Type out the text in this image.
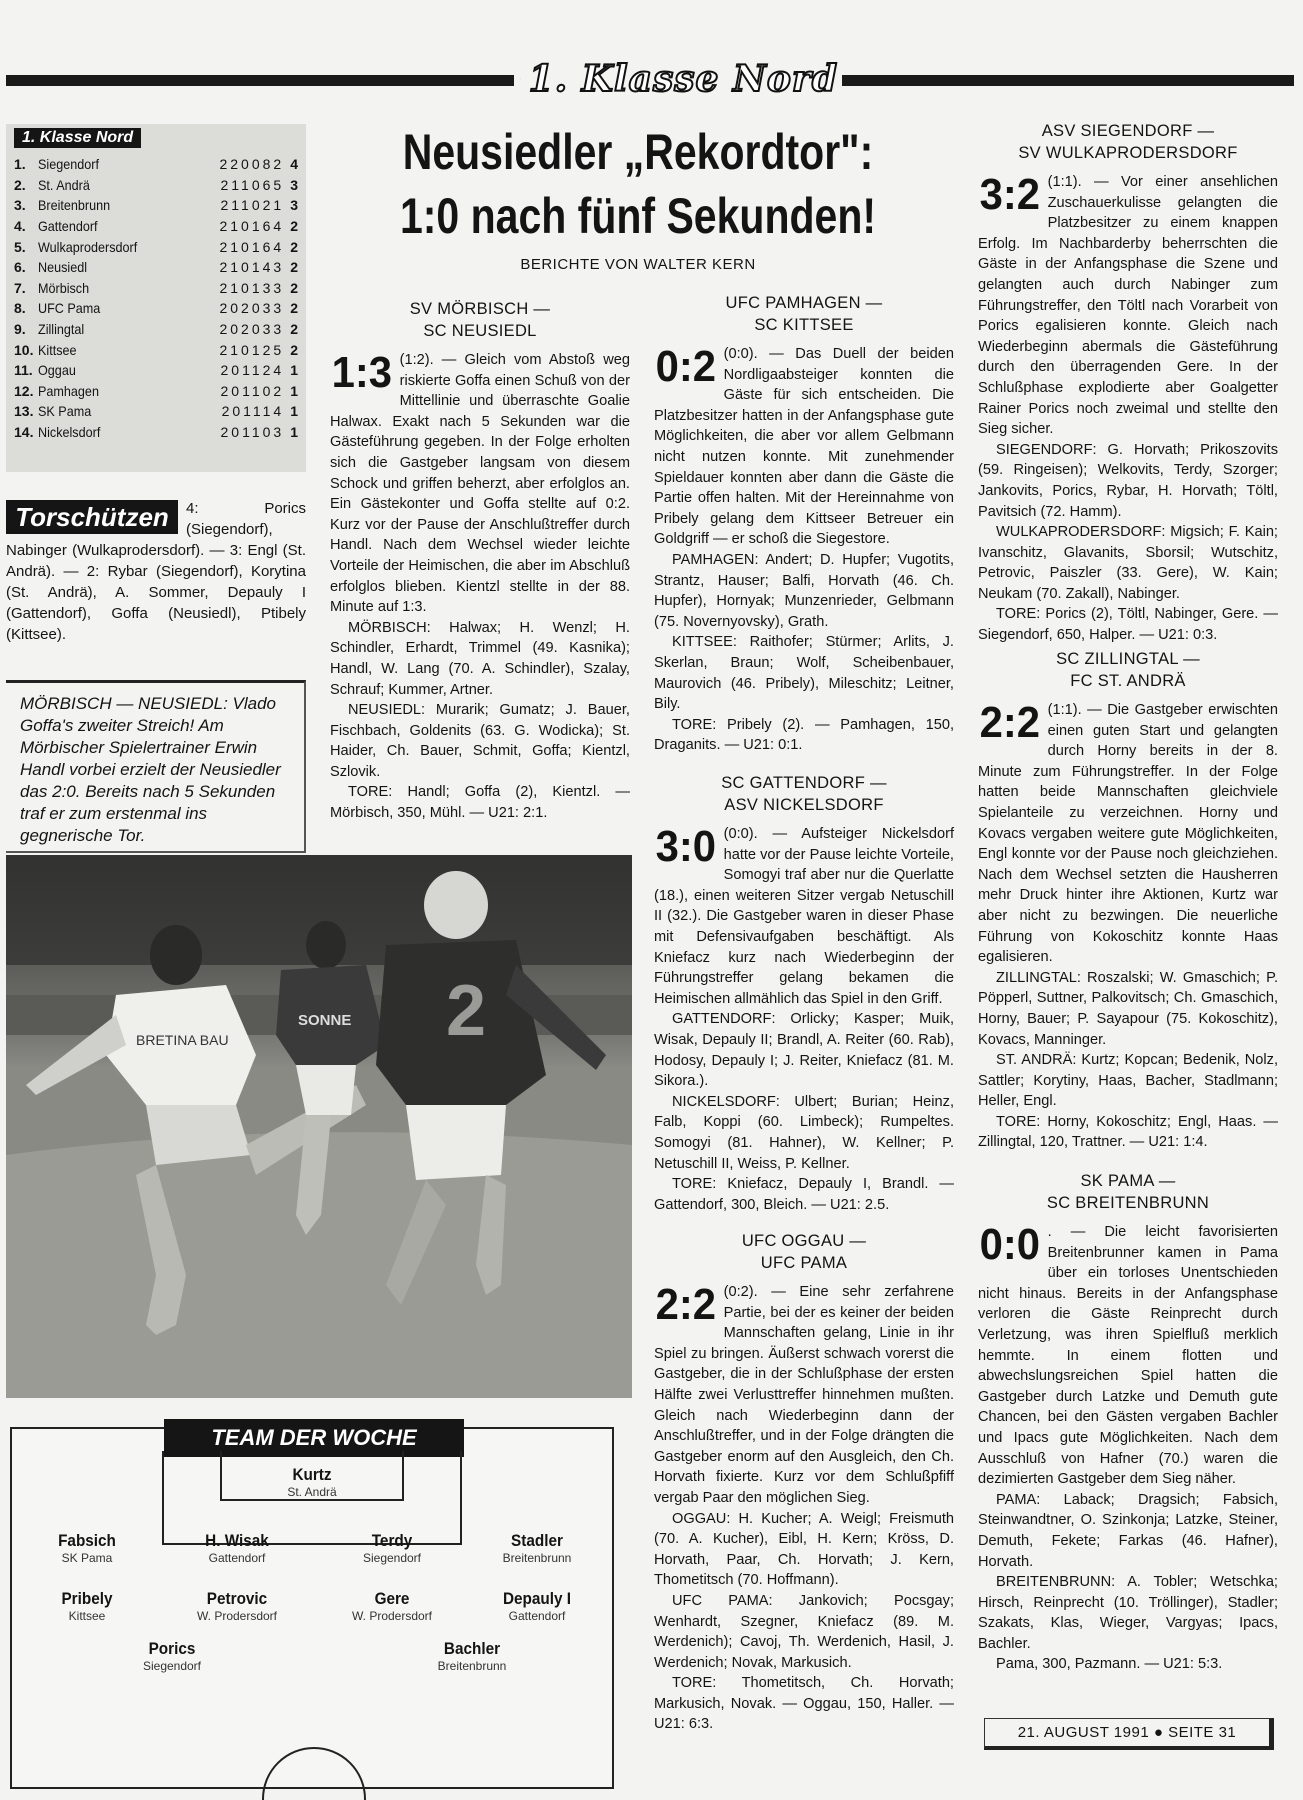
1. Klasse Nord
1. Klasse Nord
1. Siegendorf	220082 4
2. St. Andrä	211065 3
3. Breitenbrunn	211021 3
4. Gattendorf	210164 2
5. Wulkaprodersdorf	210164 2
6. Neusiedl	210143 2
7. Mörbisch	210133 2
8. UFC Pama	202033 2
9. Zillingtal	202033 2
10. Kittsee	210125 2
11. Oggau	201124 1
12. Pamhagen	201102 1
13. SK Pama	201114 1
14. Nickelsdorf	201103 1
4: Porics (Siegendorf), Nabinger (Wulkaprodersdorf). — 3: Engl (St. Andrä). — 2: Rybar (Siegendorf), Korytina (St. Andrä), A. Sommer, Depauly I (Gattendorf), Goffa (Neusiedl), Ptibely (Kittsee).
Torschützen
MÖRBISCH — NEUSIEDL: Vlado Goffa's zweiter Streich! Am Mörbischer Spielertrainer Erwin Handl vorbei erzielt der Neusiedler das 2:0. Bereits nach 5 Sekunden traf er zum erstenmal ins gegnerische Tor.
BRETINA BAU
SONNE 2
TEAM DER WOCHE
Kurtz
St. Andrä
Fabsich
SK Pama
H. Wisak
Gattendorf
Terdy
Siegendorf
Stadler
Breitenbrunn
Pribely
Kittsee
Petrovic
W. Prodersdorf
Gere
W. Prodersdorf
Depauly I
Gattendorf
Porics
Siegendorf
Bachler
Breitenbrunn
Neusiedler „Rekordtor":
1:0 nach fünf Sekunden!
BERICHTE VON WALTER KERN
SV MÖRBISCH —
SC NEUSIEDL
1:3 (1:2). — Gleich vom Abstoß weg riskierte Goffa einen Schuß von der Mittellinie und überraschte Goalie Halwax. Exakt nach 5 Sekunden war die Gästeführung gegeben. In der Folge erholten sich die Gastgeber langsam von diesem Schock und griffen beherzt, aber erfolglos an. Ein Gästekonter und Goffa stellte auf 0:2. Kurz vor der Pause der Anschlußtreffer durch Handl. Nach dem Wechsel wieder leichte Vorteile der Heimischen, die aber im Abschluß erfolglos blieben. Kientzl stellte in der 88. Minute auf 1:3.
MÖRBISCH: Halwax; H. Wenzl; H. Schindler, Erhardt, Trimmel (49. Kasnika); Handl, W. Lang (70. A. Schindler), Szalay, Schrauf; Kummer, Artner.
NEUSIEDL: Murarik; Gumatz; J. Bauer, Fischbach, Goldenits (63. G. Wodicka); St. Haider, Ch. Bauer, Schmit, Goffa; Kientzl, Szlovik.
TORE: Handl; Goffa (2), Kientzl. — Mörbisch, 350, Mühl. — U21: 2:1.
UFC PAMHAGEN —
SC KITTSEE
0:2 (0:0). — Das Duell der beiden Nordligaabsteiger konnten die Gäste für sich entscheiden. Die Platzbesitzer hatten in der Anfangsphase gute Möglichkeiten, die aber vor allem Gelbmann nicht nutzen konnte. Mit zunehmender Spieldauer konnten aber dann die Gäste die Partie offen halten. Mit der Hereinnahme von Pribely gelang dem Kittseer Betreuer ein Goldgriff — er schoß die Siegestore.
PAMHAGEN: Andert; D. Hupfer; Vugotits, Strantz, Hauser; Balfi, Horvath (46. Ch. Hupfer), Hornyak; Munzenrieder, Gelbmann (75. Novernyovsky), Grath.
KITTSEE: Raithofer; Stürmer; Arlits, J. Skerlan, Braun; Wolf, Scheibenbauer, Maurovich (46. Pribely), Mileschitz; Leitner, Bily.
TORE: Pribely (2). — Pamhagen, 150, Draganits. — U21: 0:1.
SC GATTENDORF —
ASV NICKELSDORF
3:0 (0:0). — Aufsteiger Nickelsdorf hatte vor der Pause leichte Vorteile, Somogyi traf aber nur die Querlatte (18.), einen weiteren Sitzer vergab Netuschill II (32.). Die Gastgeber waren in dieser Phase mit Defensivaufgaben beschäftigt. Als Kniefacz kurz nach Wiederbeginn der Führungstreffer gelang bekamen die Heimischen allmählich das Spiel in den Griff.
GATTENDORF: Orlicky; Kasper; Muik, Wisak, Depauly II; Brandl, A. Reiter (60. Rab), Hodosy, Depauly I; J. Reiter, Kniefacz (81. M. Sikora.).
NICKELSDORF: Ulbert; Burian; Heinz, Falb, Koppi (60. Limbeck); Rumpeltes. Somogyi (81. Hahner), W. Kellner; P. Netuschill II, Weiss, P. Kellner.
TORE: Kniefacz, Depauly I, Brandl. — Gattendorf, 300, Bleich. — U21: 2.5.
UFC OGGAU —
UFC PAMA
2:2 (0:2). — Eine sehr zerfahrene Partie, bei der es keiner der beiden Mannschaften gelang, Linie in ihr Spiel zu bringen. Äußerst schwach vorerst die Gastgeber, die in der Schlußphase der ersten Hälfte zwei Verlusttreffer hinnehmen mußten. Gleich nach Wiederbeginn dann der Anschlußtreffer, und in der Folge drängten die Gastgeber enorm auf den Ausgleich, den Ch. Horvath fixierte. Kurz vor dem Schlußpfiff vergab Paar den möglichen Sieg.
OGGAU: H. Kucher; A. Weigl; Freismuth (70. A. Kucher), Eibl, H. Kern; Kröss, D. Horvath, Paar, Ch. Horvath; J. Kern, Thometitsch (70. Hoffmann).
UFC PAMA: Jankovich; Pocsgay; Wenhardt, Szegner, Kniefacz (89. M. Werdenich); Cavoj, Th. Werdenich, Hasil, J. Werdenich; Novak, Markusich.
TORE: Thometitsch, Ch. Horvath; Markusich, Novak. — Oggau, 150, Haller. — U21: 6:3.
ASV SIEGENDORF —
SV WULKAPRODERSDORF
3:2 (1:1). — Vor einer ansehlichen Zuschauerkulisse gelangten die Platzbesitzer zu einem knappen Erfolg. Im Nachbarderby beherrschten die Gäste in der Anfangsphase die Szene und gelangten auch durch Nabinger zum Führungstreffer, den Töltl nach Vorarbeit von Porics egalisieren konnte. Gleich nach Wiederbeginn abermals die Gästeführung durch den überragenden Gere. In der Schlußphase explodierte aber Goalgetter Rainer Porics noch zweimal und stellte den Sieg sicher.
SIEGENDORF: G. Horvath; Prikoszovits (59. Ringeisen); Welkovits, Terdy, Szorger; Jankovits, Porics, Rybar, H. Horvath; Töltl, Pavitsich (72. Hamm).
WULKAPRODERSDORF: Migsich; F. Kain; Ivanschitz, Glavanits, Sborsil; Wutschitz, Petrovic, Paiszler (33. Gere), W. Kain; Neukam (70. Zakall), Nabinger.
TORE: Porics (2), Töltl, Nabinger, Gere. — Siegendorf, 650, Halper. — U21: 0:3.
SC ZILLINGTAL —
FC ST. ANDRÄ
2:2 (1:1). — Die Gastgeber erwischten einen guten Start und gelangten durch Horny bereits in der 8. Minute zum Führungstreffer. In der Folge hatten beide Mannschaften gleichviele Spielanteile zu verzeichnen. Horny und Kovacs vergaben weitere gute Möglichkeiten, Engl konnte vor der Pause noch gleichziehen. Nach dem Wechsel setzten die Hausherren mehr Druck hinter ihre Aktionen, Kurtz war aber nicht zu bezwingen. Die neuerliche Führung von Kokoschitz konnte Haas egalisieren.
ZILLINGTAL: Roszalski; W. Gmaschich; P. Pöpperl, Suttner, Palkovitsch; Ch. Gmaschich, Horny, Bauer; P. Sayapour (75. Kokoschitz), Kovacs, Manninger.
ST. ANDRÄ: Kurtz; Kopcan; Bedenik, Nolz, Sattler; Korytiny, Haas, Bacher, Stadlmann; Heller, Engl.
TORE: Horny, Kokoschitz; Engl, Haas. — Zillingtal, 120, Trattner. — U21: 1:4.
SK PAMA —
SC BREITENBRUNN
0:0 . — Die leicht favorisierten Breitenbrunner kamen in Pama über ein torloses Unentschieden nicht hinaus. Bereits in der Anfangsphase verloren die Gäste Reinprecht durch Verletzung, was ihren Spielfluß merklich hemmte. In einem flotten und abwechslungsreichen Spiel hatten die Gastgeber durch Latzke und Demuth gute Chancen, bei den Gästen vergaben Bachler und Ipacs gute Möglichkeiten. Nach dem Ausschluß von Hafner (70.) waren die dezimierten Gastgeber dem Sieg näher.
PAMA: Laback; Dragsich; Fabsich, Steinwandtner, O. Szinkonja; Latzke, Steiner, Demuth, Fekete; Farkas (46. Hafner), Horvath.
BREITENBRUNN: A. Tobler; Wetschka; Hirsch, Reinprecht (10. Tröllinger), Stadler; Szakats, Klas, Wieger, Vargyas; Ipacs, Bachler.
Pama, 300, Pazmann. — U21: 5:3.
21. AUGUST 1991 ● SEITE 31
